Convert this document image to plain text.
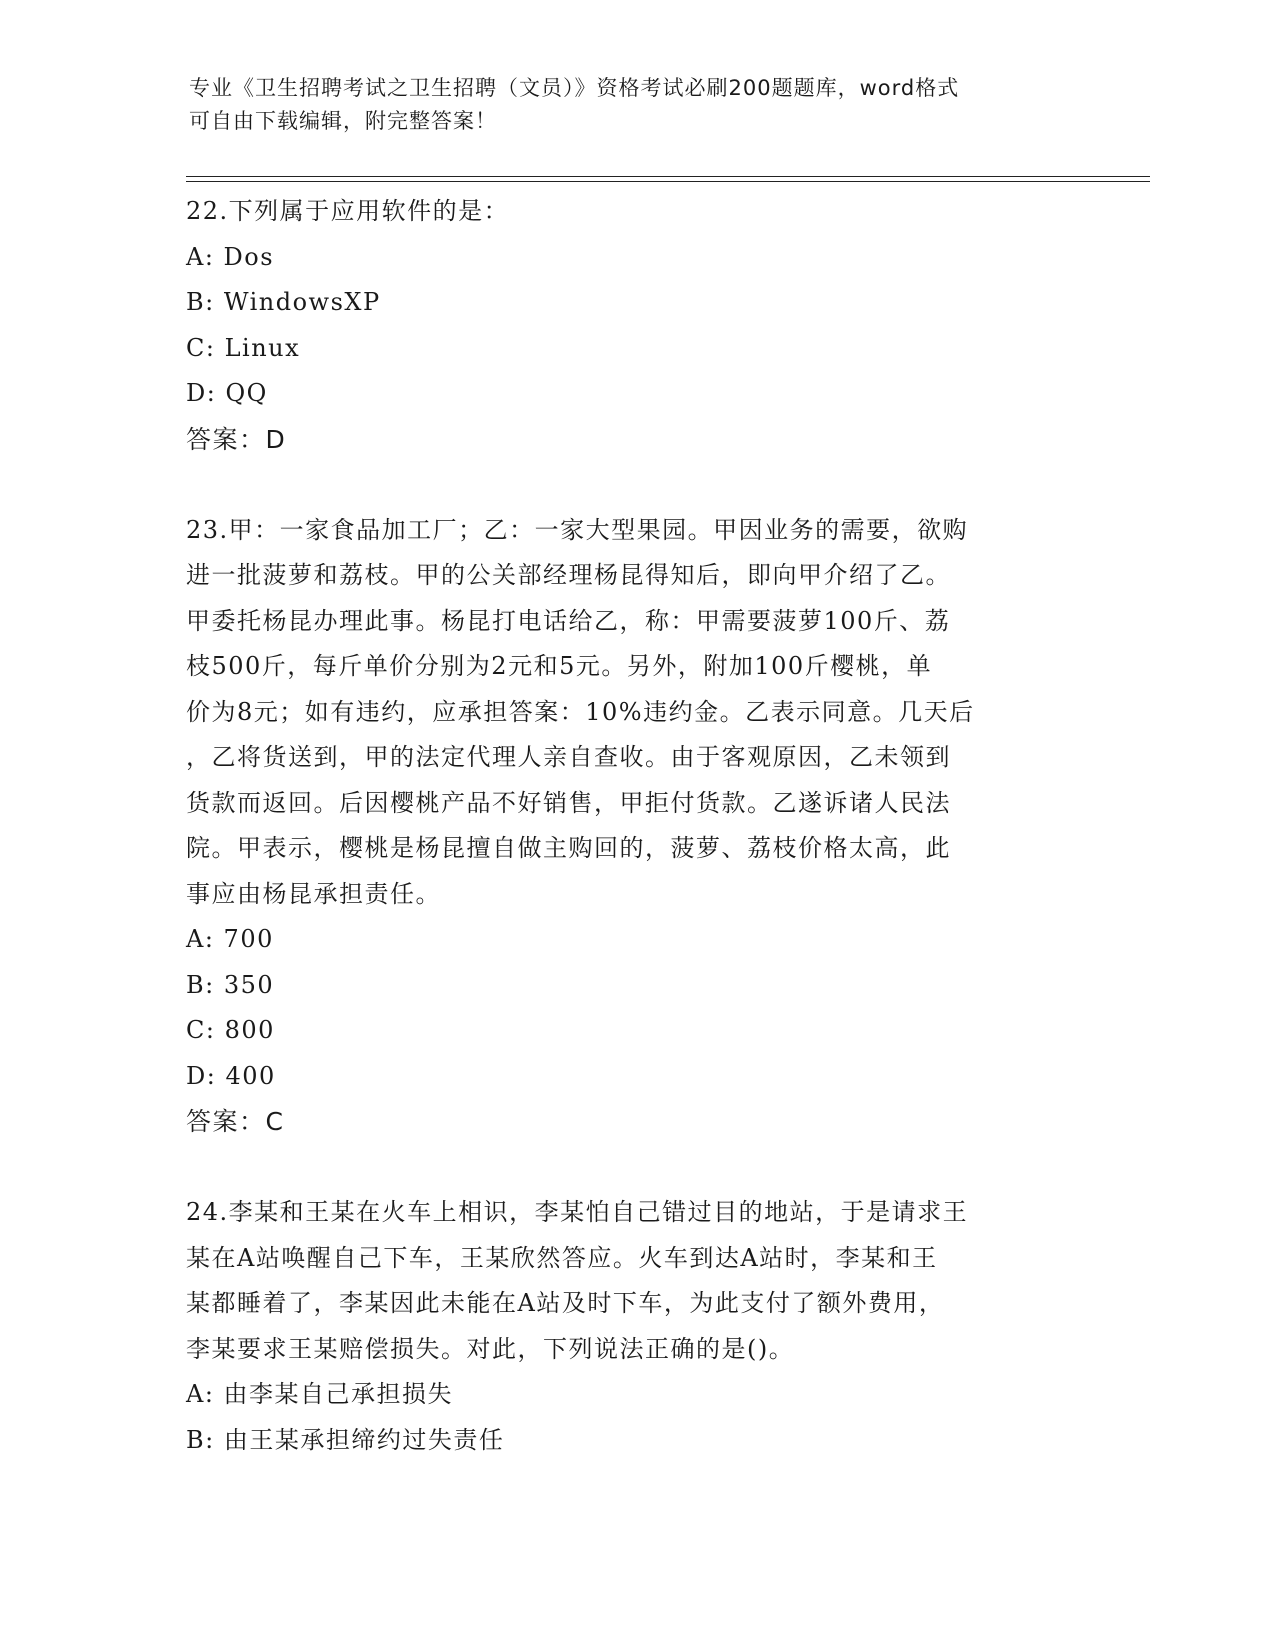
专业《卫生招聘考试之卫生招聘（文员）》资格考试必刷200题题库，word格式
可自由下载编辑，附完整答案！
22.下列属于应用软件的是：
A: Dos
B: WindowsXP
C: Linux
D: QQ
答案：D
23.甲：一家食品加工厂；乙：一家大型果园。甲因业务的需要，欲购
进一批菠萝和荔枝。甲的公关部经理杨昆得知后，即向甲介绍了乙。
甲委托杨昆办理此事。杨昆打电话给乙，称：甲需要菠萝100斤、荔
枝500斤，每斤单价分别为2元和5元。另外，附加100斤樱桃，单
价为8元；如有违约，应承担答案：10%违约金。乙表示同意。几天后
，乙将货送到，甲的法定代理人亲自查收。由于客观原因，乙未领到
货款而返回。后因樱桃产品不好销售，甲拒付货款。乙遂诉诸人民法
院。甲表示，樱桃是杨昆擅自做主购回的，菠萝、荔枝价格太高，此
事应由杨昆承担责任。
A: 700
B: 350
C: 800
D: 400
答案：C
24.李某和王某在火车上相识，李某怕自己错过目的地站，于是请求王
某在A站唤醒自己下车，王某欣然答应。火车到达A站时，李某和王
某都睡着了，李某因此未能在A站及时下车，为此支付了额外费用，
李某要求王某赔偿损失。对此，下列说法正确的是()。
A: 由李某自己承担损失
B: 由王某承担缔约过失责任
